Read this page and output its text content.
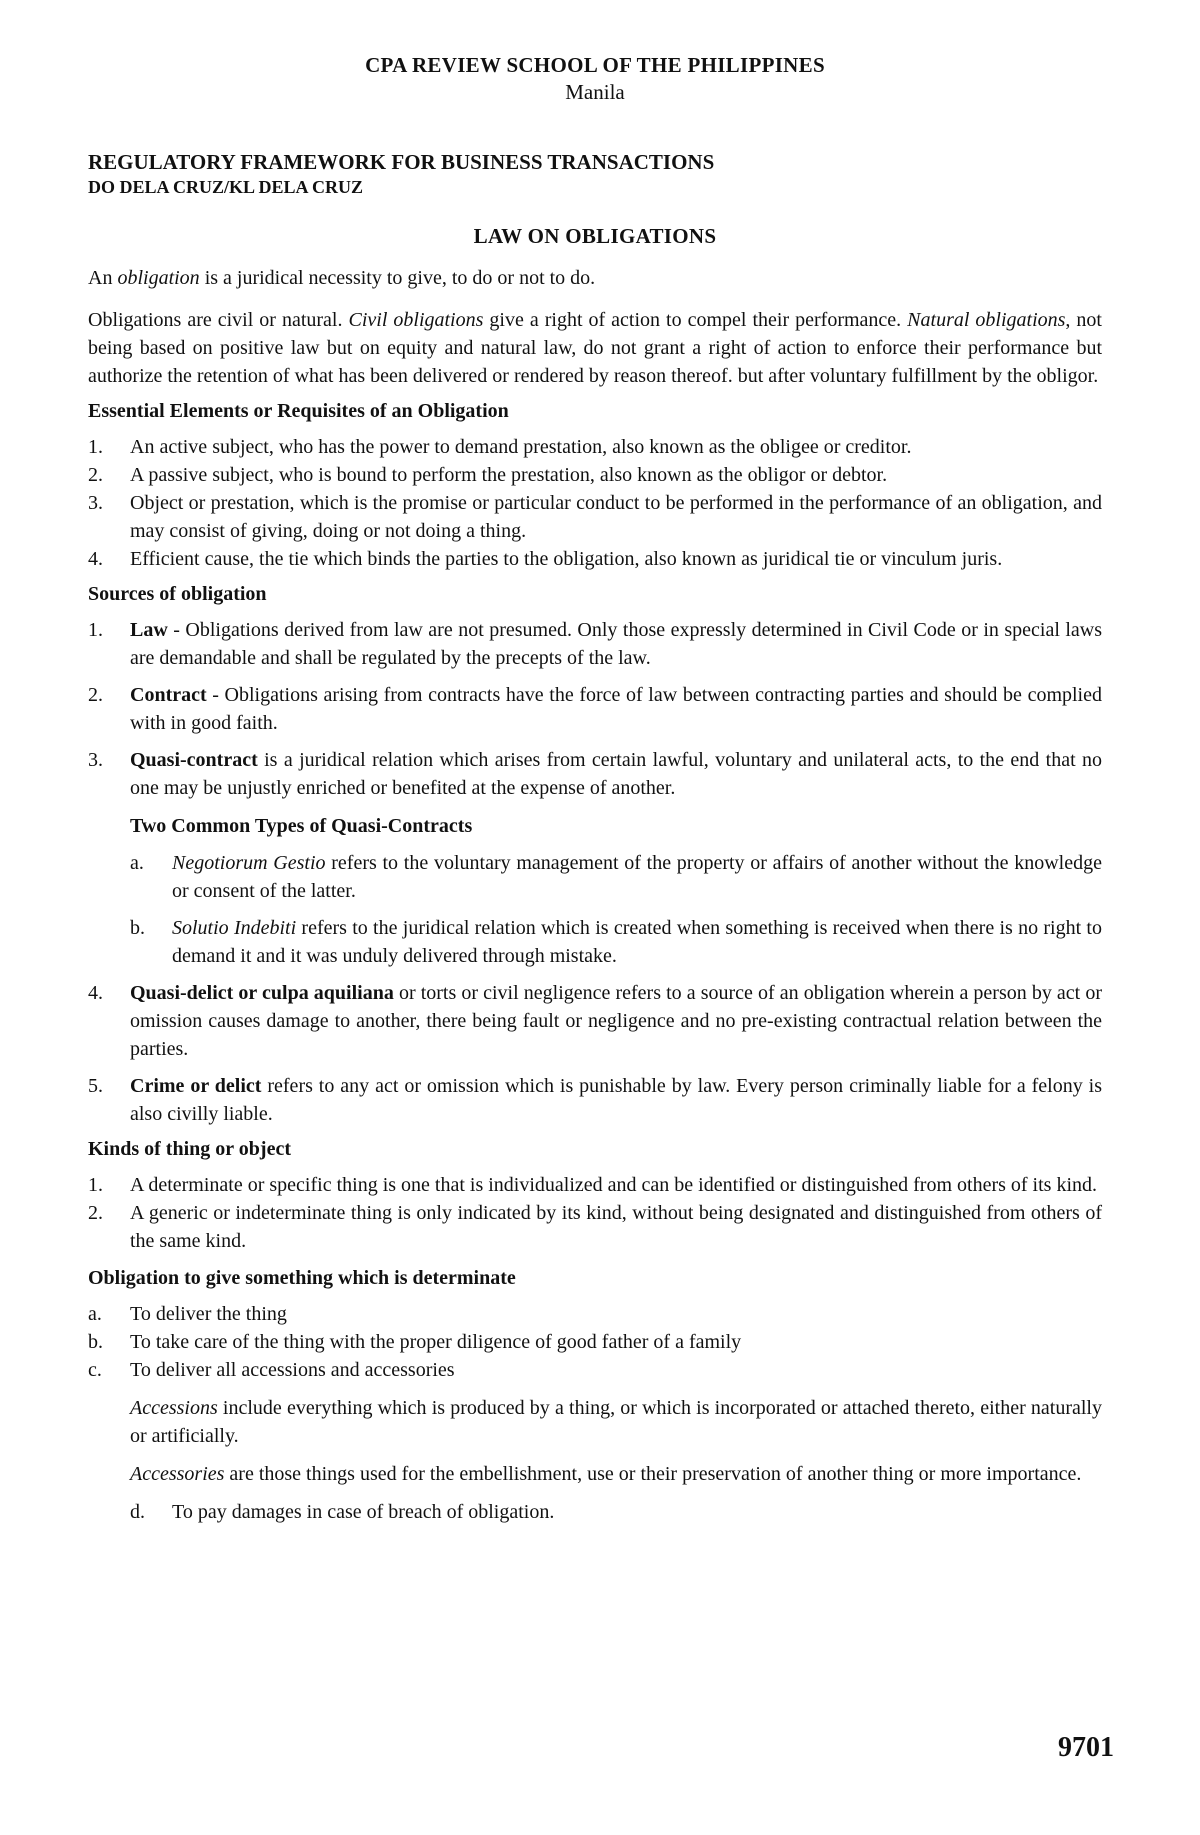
CPA REVIEW SCHOOL OF THE PHILIPPINES
Manila
REGULATORY FRAMEWORK FOR BUSINESS TRANSACTIONS
DO DELA CRUZ/KL DELA CRUZ
LAW ON OBLIGATIONS

An obligation is a juridical necessity to give, to do or not to do.

Obligations are civil or natural. Civil obligations give a right of action to compel their performance. Natural obligations, not being based on positive law but on equity and natural law, do not grant a right of action to enforce their performance but authorize the retention of what has been delivered or rendered by reason thereof. but after voluntary fulfillment by the obligor.

Essential Elements or Requisites of an Obligation
1. An active subject, who has the power to demand prestation, also known as the obligee or creditor.
2. A passive subject, who is bound to perform the prestation, also known as the obligor or debtor.
3. Object or prestation, which is the promise or particular conduct to be performed in the performance of an obligation, and may consist of giving, doing or not doing a thing.
4. Efficient cause, the tie which binds the parties to the obligation, also known as juridical tie or vinculum juris.
Sources of obligation
1. Law - Obligations derived from law are not presumed. Only those expressly determined in Civil Code or in special laws are demandable and shall be regulated by the precepts of the law.
2. Contract - Obligations arising from contracts have the force of law between contracting parties and should be complied with in good faith.
3. Quasi-contract is a juridical relation which arises from certain lawful, voluntary and unilateral acts, to the end that no one may be unjustly enriched or benefited at the expense of another.
Two Common Types of Quasi-Contracts
a. Negotiorum Gestio refers to the voluntary management of the property or affairs of another without the knowledge or consent of the latter.
b. Solutio Indebiti refers to the juridical relation which is created when something is received when there is no right to demand it and it was unduly delivered through mistake.
4. Quasi-delict or culpa aquiliana or torts or civil negligence refers to a source of an obligation wherein a person by act or omission causes damage to another, there being fault or negligence and no pre-existing contractual relation between the parties.
5. Crime or delict refers to any act or omission which is punishable by law. Every person criminally liable for a felony is also civilly liable.
Kinds of thing or object
1. A determinate or specific thing is one that is individualized and can be identified or distinguished from others of its kind.
2. A generic or indeterminate thing is only indicated by its kind, without being designated and distinguished from others of the same kind.
Obligation to give something which is determinate
a. To deliver the thing
b. To take care of the thing with the proper diligence of good father of a family
c. To deliver all accessions and accessories

Accessions include everything which is produced by a thing, or which is incorporated or attached thereto, either naturally or artificially.

Accessories are those things used for the embellishment, use or their preservation of another thing or more importance.

d. To pay damages in case of breach of obligation.
9701
